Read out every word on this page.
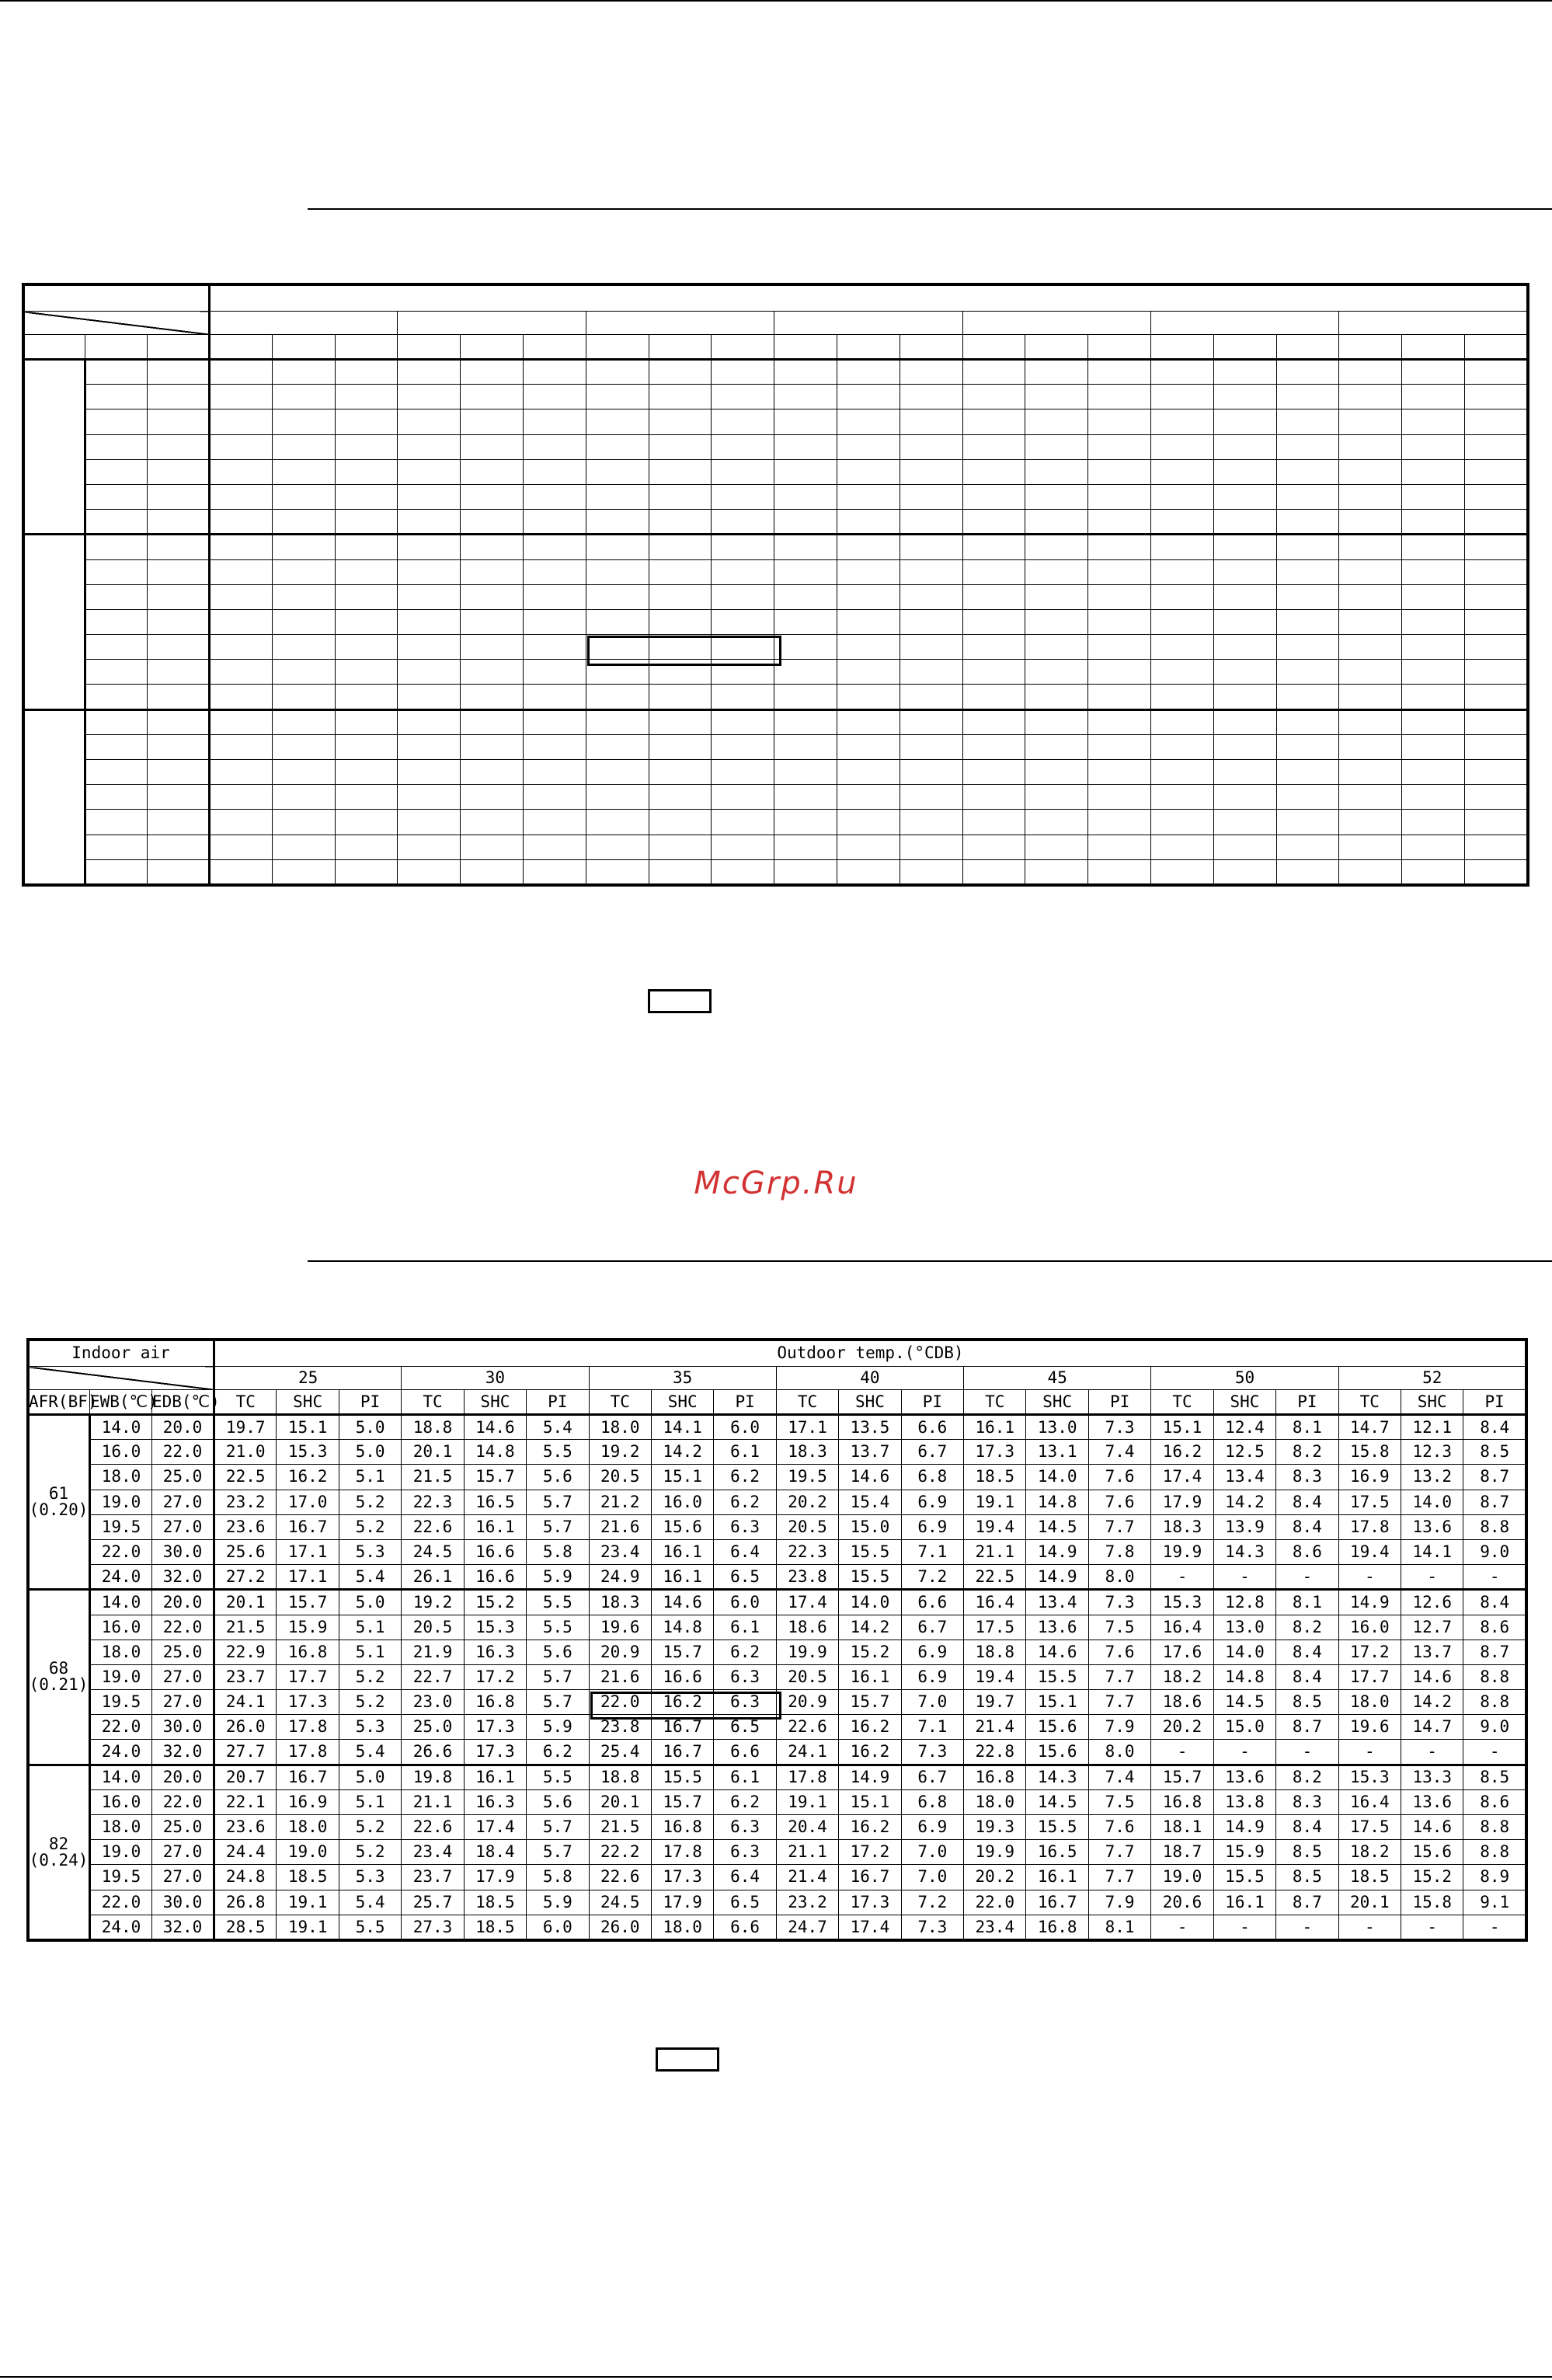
McGrp.Ru
Indoor air			Outdoor temp.(°CDB)																				
			25			30			35			40			45			50			52		
AFR(BF)	EWB(℃)	EDB(℃)	TC	SHC	PI	TC	SHC	PI	TC	SHC	PI	TC	SHC	PI	TC	SHC	PI	TC	SHC	PI	TC	SHC	PI

61
(0.20)	14.0	20.0	19.7	15.1	5.0	18.8	14.6	5.4	18.0	14.1	6.0	17.1	13.5	6.6	16.1	13.0	7.3	15.1	12.4	8.1	14.7	12.1	8.4
	16.0	22.0	21.0	15.3	5.0	20.1	14.8	5.5	19.2	14.2	6.1	18.3	13.7	6.7	17.3	13.1	7.4	16.2	12.5	8.2	15.8	12.3	8.5
	18.0	25.0	22.5	16.2	5.1	21.5	15.7	5.6	20.5	15.1	6.2	19.5	14.6	6.8	18.5	14.0	7.6	17.4	13.4	8.3	16.9	13.2	8.7
	19.0	27.0	23.2	17.0	5.2	22.3	16.5	5.7	21.2	16.0	6.2	20.2	15.4	6.9	19.1	14.8	7.6	17.9	14.2	8.4	17.5	14.0	8.7
	19.5	27.0	23.6	16.7	5.2	22.6	16.1	5.7	21.6	15.6	6.3	20.5	15.0	6.9	19.4	14.5	7.7	18.3	13.9	8.4	17.8	13.6	8.8
	22.0	30.0	25.6	17.1	5.3	24.5	16.6	5.8	23.4	16.1	6.4	22.3	15.5	7.1	21.1	14.9	7.8	19.9	14.3	8.6	19.4	14.1	9.0
	24.0	32.0	27.2	17.1	5.4	26.1	16.6	5.9	24.9	16.1	6.5	23.8	15.5	7.2	22.5	14.9	8.0	-	-	-	-	-	-

68
(0.21)	14.0	20.0	20.1	15.7	5.0	19.2	15.2	5.5	18.3	14.6	6.0	17.4	14.0	6.6	16.4	13.4	7.3	15.3	12.8	8.1	14.9	12.6	8.4
	16.0	22.0	21.5	15.9	5.1	20.5	15.3	5.5	19.6	14.8	6.1	18.6	14.2	6.7	17.5	13.6	7.5	16.4	13.0	8.2	16.0	12.7	8.6
	18.0	25.0	22.9	16.8	5.1	21.9	16.3	5.6	20.9	15.7	6.2	19.9	15.2	6.9	18.8	14.6	7.6	17.6	14.0	8.4	17.2	13.7	8.7
	19.0	27.0	23.7	17.7	5.2	22.7	17.2	5.7	21.6	16.6	6.3	20.5	16.1	6.9	19.4	15.5	7.7	18.2	14.8	8.4	17.7	14.6	8.8
	19.5	27.0	24.1	17.3	5.2	23.0	16.8	5.7	22.0	16.2	6.3	20.9	15.7	7.0	19.7	15.1	7.7	18.6	14.5	8.5	18.0	14.2	8.8
	22.0	30.0	26.0	17.8	5.3	25.0	17.3	5.9	23.8	16.7	6.5	22.6	16.2	7.1	21.4	15.6	7.9	20.2	15.0	8.7	19.6	14.7	9.0
	24.0	32.0	27.7	17.8	5.4	26.6	17.3	6.2	25.4	16.7	6.6	24.1	16.2	7.3	22.8	15.6	8.0	-	-	-	-	-	-

82
(0.24)	14.0	20.0	20.7	16.7	5.0	19.8	16.1	5.5	18.8	15.5	6.1	17.8	14.9	6.7	16.8	14.3	7.4	15.7	13.6	8.2	15.3	13.3	8.5
	16.0	22.0	22.1	16.9	5.1	21.1	16.3	5.6	20.1	15.7	6.2	19.1	15.1	6.8	18.0	14.5	7.5	16.8	13.8	8.3	16.4	13.6	8.6
	18.0	25.0	23.6	18.0	5.2	22.6	17.4	5.7	21.5	16.8	6.3	20.4	16.2	6.9	19.3	15.5	7.6	18.1	14.9	8.4	17.5	14.6	8.8
	19.0	27.0	24.4	19.0	5.2	23.4	18.4	5.7	22.2	17.8	6.3	21.1	17.2	7.0	19.9	16.5	7.7	18.7	15.9	8.5	18.2	15.6	8.8
	19.5	27.0	24.8	18.5	5.3	23.7	17.9	5.8	22.6	17.3	6.4	21.4	16.7	7.0	20.2	16.1	7.7	19.0	15.5	8.5	18.5	15.2	8.9
	22.0	30.0	26.8	19.1	5.4	25.7	18.5	5.9	24.5	17.9	6.5	23.2	17.3	7.2	22.0	16.7	7.9	20.6	16.1	8.7	20.1	15.8	9.1
	24.0	32.0	28.5	19.1	5.5	27.3	18.5	6.0	26.0	18.0	6.6	24.7	17.4	7.3	23.4	16.8	8.1	-	-	-	-	-	-
